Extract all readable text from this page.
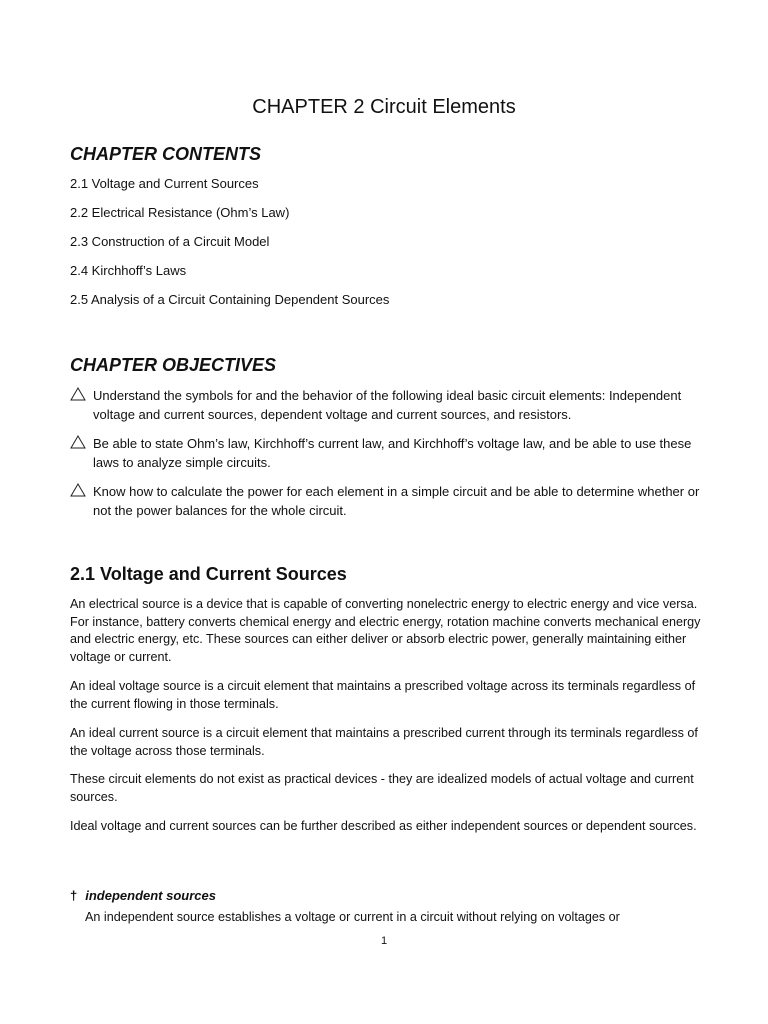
CHAPTER 2 Circuit Elements
CHAPTER CONTENTS
2.1 Voltage and Current Sources
2.2 Electrical Resistance (Ohm’s Law)
2.3 Construction of a Circuit Model
2.4 Kirchhoff’s Laws
2.5 Analysis of a Circuit Containing Dependent Sources
CHAPTER OBJECTIVES
Understand the symbols for and the behavior of the following ideal basic circuit elements: Independent voltage and current sources, dependent voltage and current sources, and resistors.
Be able to state Ohm’s law, Kirchhoff’s current law, and Kirchhoff’s voltage law, and be able to use these laws to analyze simple circuits.
Know how to calculate the power for each element in a simple circuit and be able to determine whether or not the power balances for the whole circuit.
2.1 Voltage and Current Sources

An electrical source is a device that is capable of converting nonelectric energy to electric energy and vice versa. For instance, battery converts chemical energy and electric energy, rotation machine converts mechanical energy and electric energy, etc. These sources can either deliver or absorb electric power, generally maintaining either voltage or current.

An ideal voltage source is a circuit element that maintains a prescribed voltage across its terminals regardless of the current flowing in those terminals.

An ideal current source is a circuit element that maintains a prescribed current through its terminals regardless of the voltage across those terminals.

These circuit elements do not exist as practical devices - they are idealized models of actual voltage and current sources.

Ideal voltage and current sources can be further described as either independent sources or dependent sources.

† independent sources

An independent source establishes a voltage or current in a circuit without relying on voltages or

1
